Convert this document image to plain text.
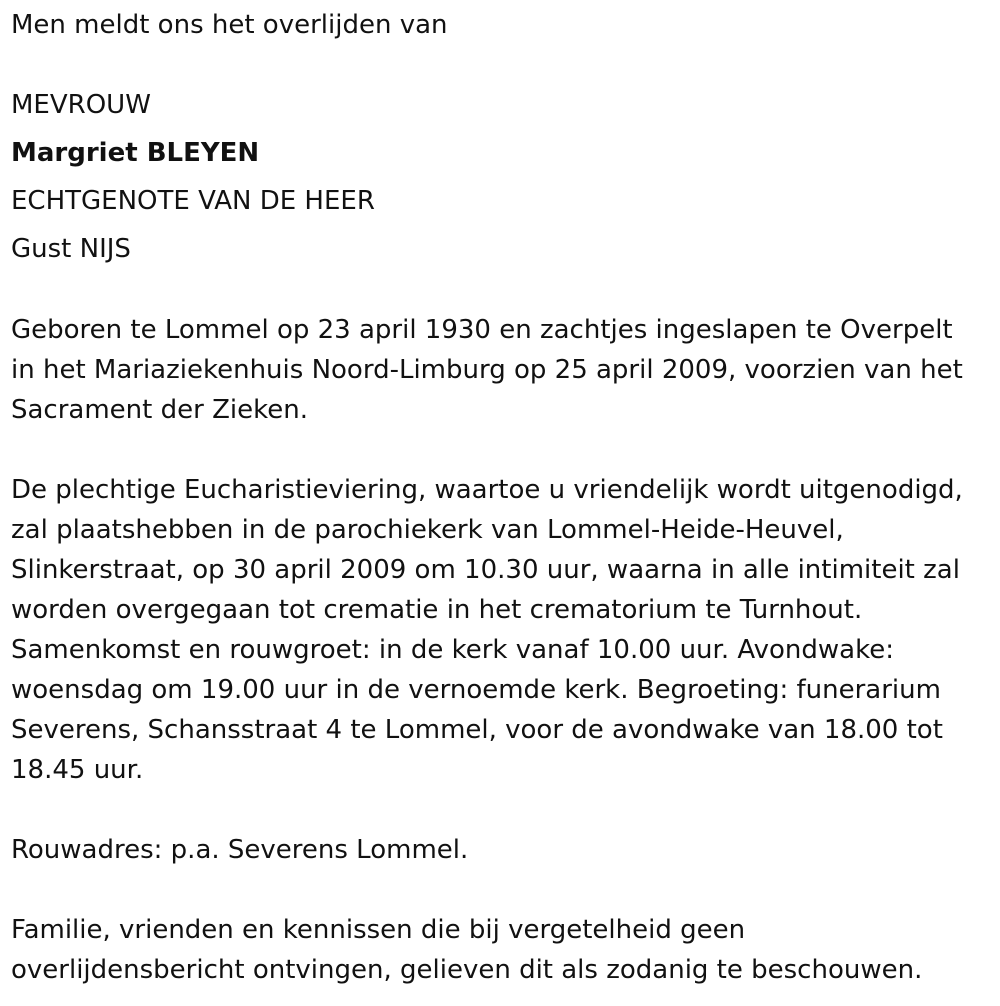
Men meldt ons het overlijden van

MEVROUW

Margriet BLEYEN

ECHTGENOTE VAN DE HEER

Gust NIJS

Geboren te Lommel op 23 april 1930 en zachtjes ingeslapen te Overpelt
in het Mariaziekenhuis Noord-Limburg op 25 april 2009, voorzien van het
Sacrament der Zieken.
De plechtige Eucharistieviering, waartoe u vriendelijk wordt uitgenodigd,
zal plaatshebben in de parochiekerk van Lommel-Heide-Heuvel,
Slinkerstraat, op 30 april 2009 om 10.30 uur, waarna in alle intimiteit zal
worden overgegaan tot crematie in het crematorium te Turnhout.
Samenkomst en rouwgroet: in de kerk vanaf 10.00 uur. Avondwake:
woensdag om 19.00 uur in de vernoemde kerk. Begroeting: funerarium
Severens, Schansstraat 4 te Lommel, voor de avondwake van 18.00 tot
18.45 uur.

Rouwadres: p.a. Severens Lommel.

Familie, vrienden en kennissen die bij vergetelheid geen
overlijdensbericht ontvingen, gelieven dit als zodanig te beschouwen.
